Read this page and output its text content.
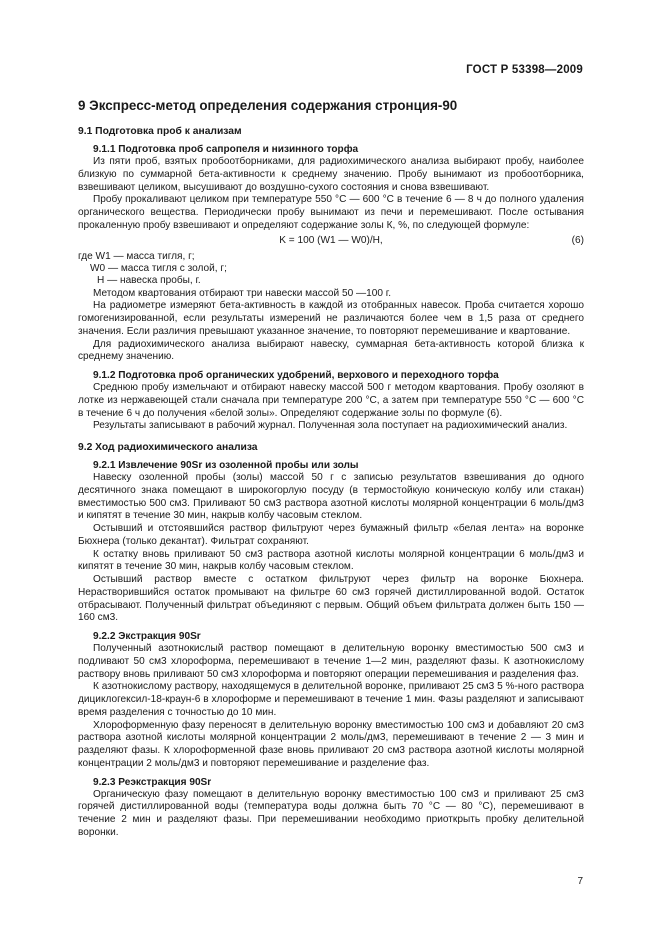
ГОСТ Р 53398—2009
9 Экспресс-метод определения содержания стронция-90
9.1 Подготовка проб к анализам
9.1.1 Подготовка проб сапропеля и низинного торфа

Из пяти проб, взятых пробоотборниками, для радиохимического анализа выбирают пробу, наиболее близкую по суммарной бета-активности к среднему значению. Пробу вынимают из пробоотборника, взвешивают целиком, высушивают до воздушно-сухого состояния и снова взвешивают.

Пробу прокаливают целиком при температуре 550 °С — 600 °С в течение 6 — 8 ч до полного удаления органического вещества. Периодически пробу вынимают из печи и перемешивают. После остывания прокаленную пробу взвешивают и определяют содержание золы К, %, по следующей формуле:

K = 100 (W1 — W0)/H,	(6)
где W1 — масса тигля, г;
W0 — масса тигля с золой, г;
Н — навеска пробы, г.

Методом квартования отбирают три навески массой 50 —100 г.

На радиометре измеряют бета-активность в каждой из отобранных навесок. Проба считается хорошо гомогенизированной, если результаты измерений не различаются более чем в 1,5 раза от среднего значения. Если различия превышают указанное значение, то повторяют перемешивание и квартование.

Для радиохимического анализа выбирают навеску, суммарная бета-активность которой близка к среднему значению.

9.1.2 Подготовка проб органических удобрений, верхового и переходного торфа

Среднюю пробу измельчают и отбирают навеску массой 500 г методом квартования. Пробу озоляют в лотке из нержавеющей стали сначала при температуре 200 °С, а затем при температуре 550 °С — 600 °С в течение 6 ч до получения «белой золы». Определяют содержание золы по формуле (6).

Результаты записывают в рабочий журнал. Полученная зола поступает на радиохимический анализ.

9.2 Ход радиохимического анализа
9.2.1 Извлечение 90Sr из озоленной пробы или золы

Навеску озоленной пробы (золы) массой 50 г с записью результатов взвешивания до одного десятичного знака помещают в широкогорлую посуду (в термостойкую коническую колбу или стакан) вместимостью 500 см3. Приливают 50 см3 раствора азотной кислоты молярной концентрации 6 моль/дм3 и кипятят в течение 30 мин, накрыв колбу часовым стеклом.

Остывший и отстоявшийся раствор фильтруют через бумажный фильтр «белая лента» на воронке Бюхнера (только декантат). Фильтрат сохраняют.

К остатку вновь приливают 50 см3 раствора азотной кислоты молярной концентрации 6 моль/дм3 и кипятят в течение 30 мин, накрыв колбу часовым стеклом.

Остывший раствор вместе с остатком фильтруют через фильтр на воронке Бюхнера. Нерастворившийся остаток промывают на фильтре 60 см3 горячей дистиллированной водой. Остаток отбрасывают. Полученный фильтрат объединяют с первым. Общий объем фильтрата должен быть 150 —160 см3.

9.2.2 Экстракция 90Sr

Полученный азотнокислый раствор помещают в делительную воронку вместимостью 500 см3 и подливают 50 см3 хлороформа, перемешивают в течение 1—2 мин, разделяют фазы. К азотнокислому раствору вновь приливают 50 см3 хлороформа и повторяют операции перемешивания и разделения фаз.

К азотнокислому раствору, находящемуся в делительной воронке, приливают 25 см3 5 %-ного раствора дициклогексил-18-краун-6 в хлороформе и перемешивают в течение 1 мин. Фазы разделяют и записывают время разделения с точностью до 10 мин.

Хлороформенную фазу переносят в делительную воронку вместимостью 100 см3 и добавляют 20 см3 раствора азотной кислоты молярной концентрации 2 моль/дм3, перемешивают в течение 2 — 3 мин и разделяют фазы. К хлороформенной фазе вновь приливают 20 см3 раствора азотной кислоты молярной концентрации 2 моль/дм3 и повторяют перемешивание и разделение фаз.

9.2.3 Реэкстракция 90Sr

Органическую фазу помещают в делительную воронку вместимостью 100 см3 и приливают 25 см3 горячей дистиллированной воды (температура воды должна быть 70 °С — 80 °С), перемешивают в течение 2 мин и разделяют фазы. При перемешивании необходимо приоткрыть пробку делительной воронки.

7
